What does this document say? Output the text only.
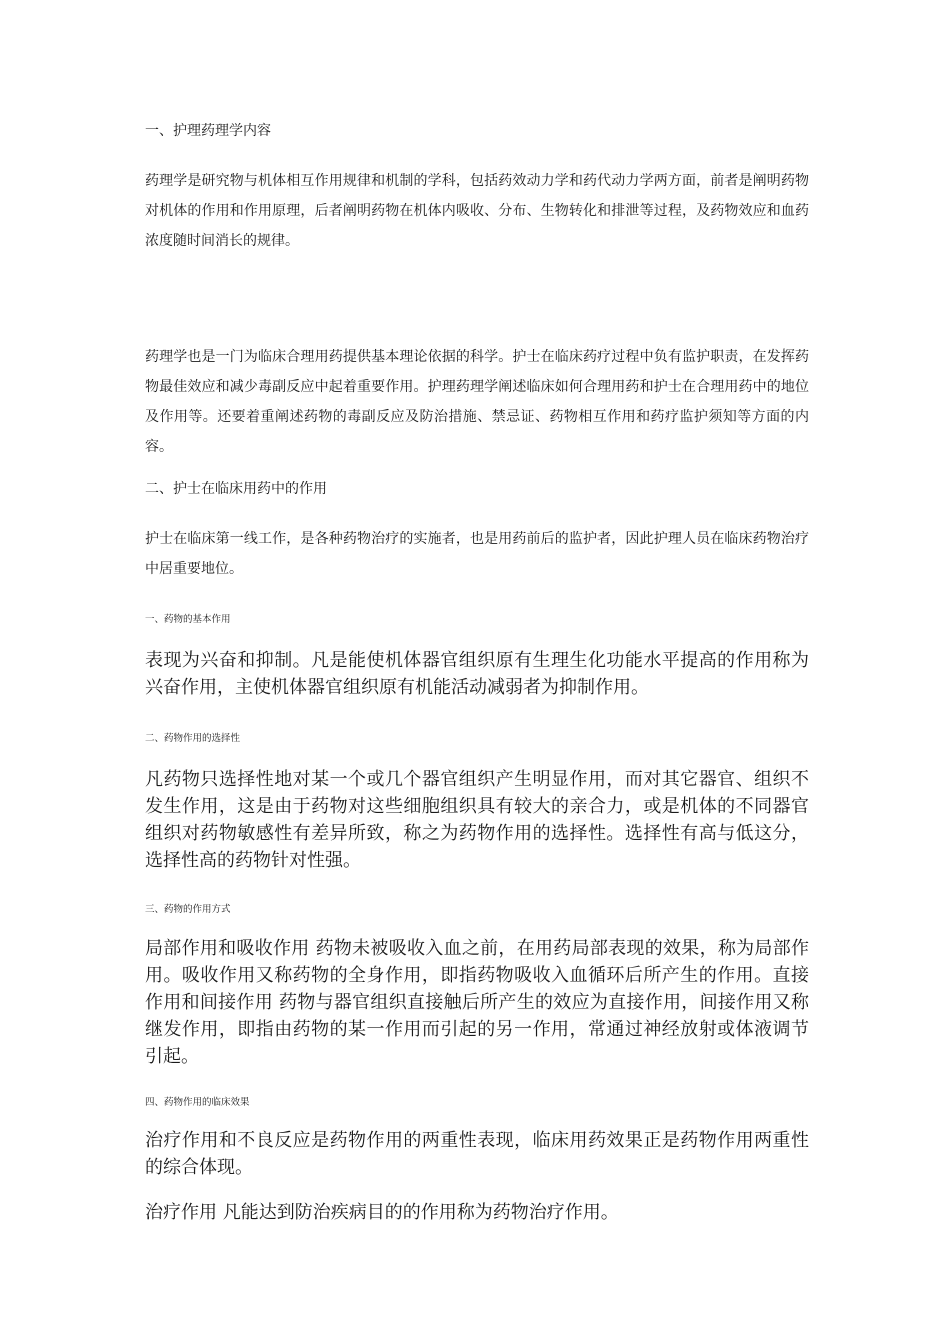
一、护理药理学内容

药理学是研究物与机体相互作用规律和机制的学科，包括药效动力学和药代动力学两方面，前者是阐明药物对机体的作用和作用原理，后者阐明药物在机体内吸收、分布、生物转化和排泄等过程，及药物效应和血药浓度随时间消长的规律。

药理学也是一门为临床合理用药提供基本理论依据的科学。护士在临床药疗过程中负有监护职责，在发挥药物最佳效应和减少毒副反应中起着重要作用。护理药理学阐述临床如何合理用药和护士在合理用药中的地位及作用等。还要着重阐述药物的毒副反应及防治措施、禁忌证、药物相互作用和药疗监护须知等方面的内容。

二、护士在临床用药中的作用

护士在临床第一线工作，是各种药物治疗的实施者，也是用药前后的监护者，因此护理人员在临床药物治疗中居重要地位。

一、药物的基本作用

表现为兴奋和抑制。凡是能使机体器官组织原有生理生化功能水平提高的作用称为兴奋作用，主使机体器官组织原有机能活动减弱者为抑制作用。

二、药物作用的选择性

凡药物只选择性地对某一个或几个器官组织产生明显作用，而对其它器官、组织不发生作用，这是由于药物对这些细胞组织具有较大的亲合力，或是机体的不同器官组织对药物敏感性有差异所致，称之为药物作用的选择性。选择性有高与低这分，选择性高的药物针对性强。

三、药物的作用方式

局部作用和吸收作用 药物未被吸收入血之前，在用药局部表现的效果，称为局部作用。吸收作用又称药物的全身作用，即指药物吸收入血循环后所产生的作用。直接作用和间接作用 药物与器官组织直接触后所产生的效应为直接作用，间接作用又称继发作用，即指由药物的某一作用而引起的另一作用，常通过神经放射或体液调节引起。

四、药物作用的临床效果

治疗作用和不良反应是药物作用的两重性表现，临床用药效果正是药物作用两重性的综合体现。

治疗作用 凡能达到防治疾病目的的作用称为药物治疗作用。
